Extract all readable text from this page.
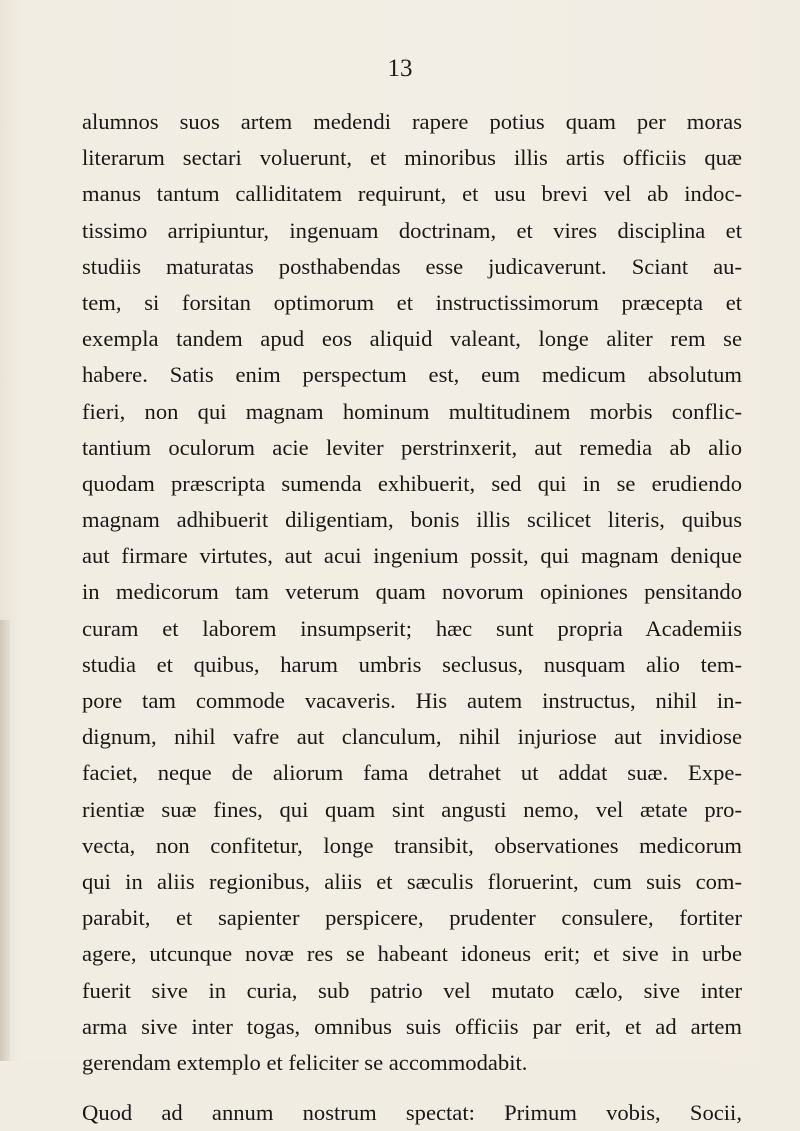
13
alumnos suos artem medendi rapere potius quam per moras
literarum sectari voluerunt, et minoribus illis artis officiis quæ
manus tantum calliditatem requirunt, et usu brevi vel ab indoc-
tissimo arripiuntur, ingenuam doctrinam, et vires disciplina et
studiis maturatas posthabendas esse judicaverunt. Sciant au-
tem, si forsitan optimorum et instructissimorum præcepta et
exempla tandem apud eos aliquid valeant, longe aliter rem se
habere. Satis enim perspectum est, eum medicum absolutum
fieri, non qui magnam hominum multitudinem morbis conflic-
tantium oculorum acie leviter perstrinxerit, aut remedia ab alio
quodam præscripta sumenda exhibuerit, sed qui in se erudiendo
magnam adhibuerit diligentiam, bonis illis scilicet literis, quibus
aut firmare virtutes, aut acui ingenium possit, qui magnam denique
in medicorum tam veterum quam novorum opiniones pensitando
curam et laborem insumpserit; hæc sunt propria Academiis
studia et quibus, harum umbris seclusus, nusquam alio tem-
pore tam commode vacaveris. His autem instructus, nihil in-
dignum, nihil vafre aut clanculum, nihil injuriose aut invidiose
faciet, neque de aliorum fama detrahet ut addat suæ. Expe-
rientiæ suæ fines, qui quam sint angusti nemo, vel ætate pro-
vecta, non confitetur, longe transibit, observationes medicorum
qui in aliis regionibus, aliis et sæculis floruerint, cum suis com-
parabit, et sapienter perspicere, prudenter consulere, fortiter
agere, utcunque novæ res se habeant idoneus erit; et sive in urbe
fuerit sive in curia, sub patrio vel mutato cælo, sive inter
arma sive inter togas, omnibus suis officiis par erit, et ad artem
gerendam extemplo et feliciter se accommodabit.
Quod ad annum nostrum spectat: Primum vobis, Socii,
